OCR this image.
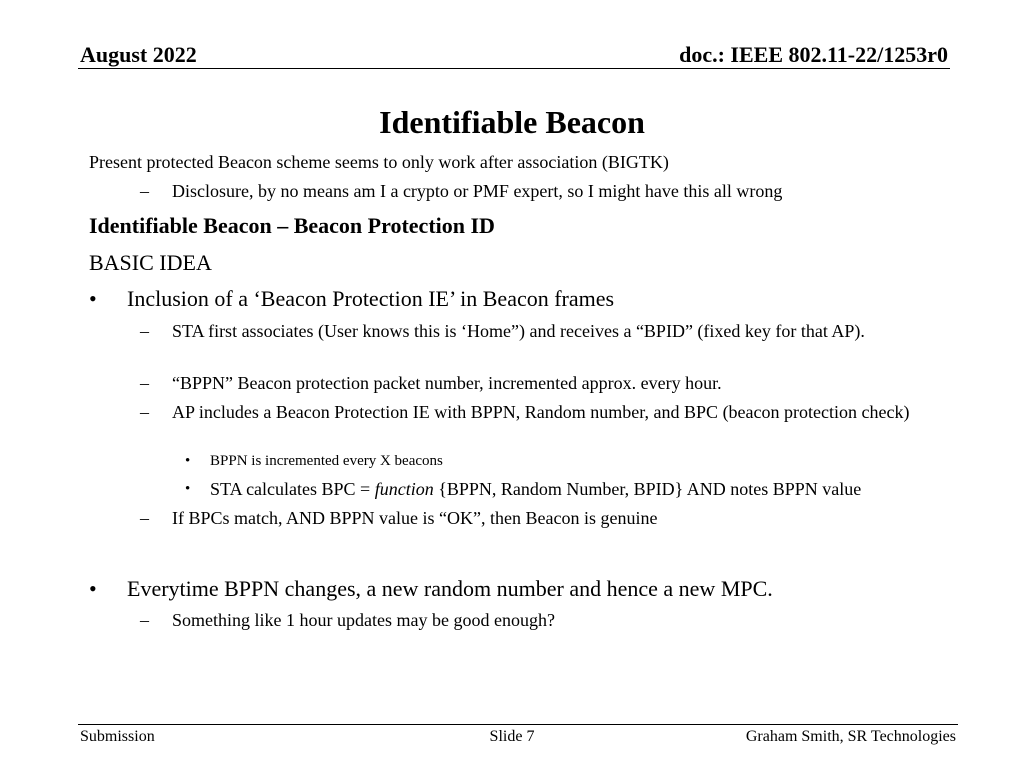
August 2022	doc.: IEEE 802.11-22/1253r0
Identifiable Beacon
Present protected Beacon scheme seems to only work after association (BIGTK)
– Disclosure, by no means am I a crypto or PMF expert, so I might have this all wrong
Identifiable Beacon – Beacon Protection ID
BASIC IDEA
• Inclusion of a ‘Beacon Protection IE’ in Beacon frames
– STA first associates (User knows this is ‘Home”) and receives a “BPID” (fixed key for that AP).
– “BPPN” Beacon protection packet number, incremented approx. every hour.
– AP includes a Beacon Protection IE with BPPN, Random number, and BPC (beacon protection check)
• BPPN is incremented every X beacons
• STA calculates BPC = function {BPPN, Random Number, BPID} AND notes BPPN value
– If BPCs match, AND BPPN value is “OK”, then Beacon is genuine
• Everytime BPPN changes, a new random number and hence a new MPC.
– Something like 1 hour updates may be good enough?
Submission	Slide 7	Graham Smith, SR Technologies
